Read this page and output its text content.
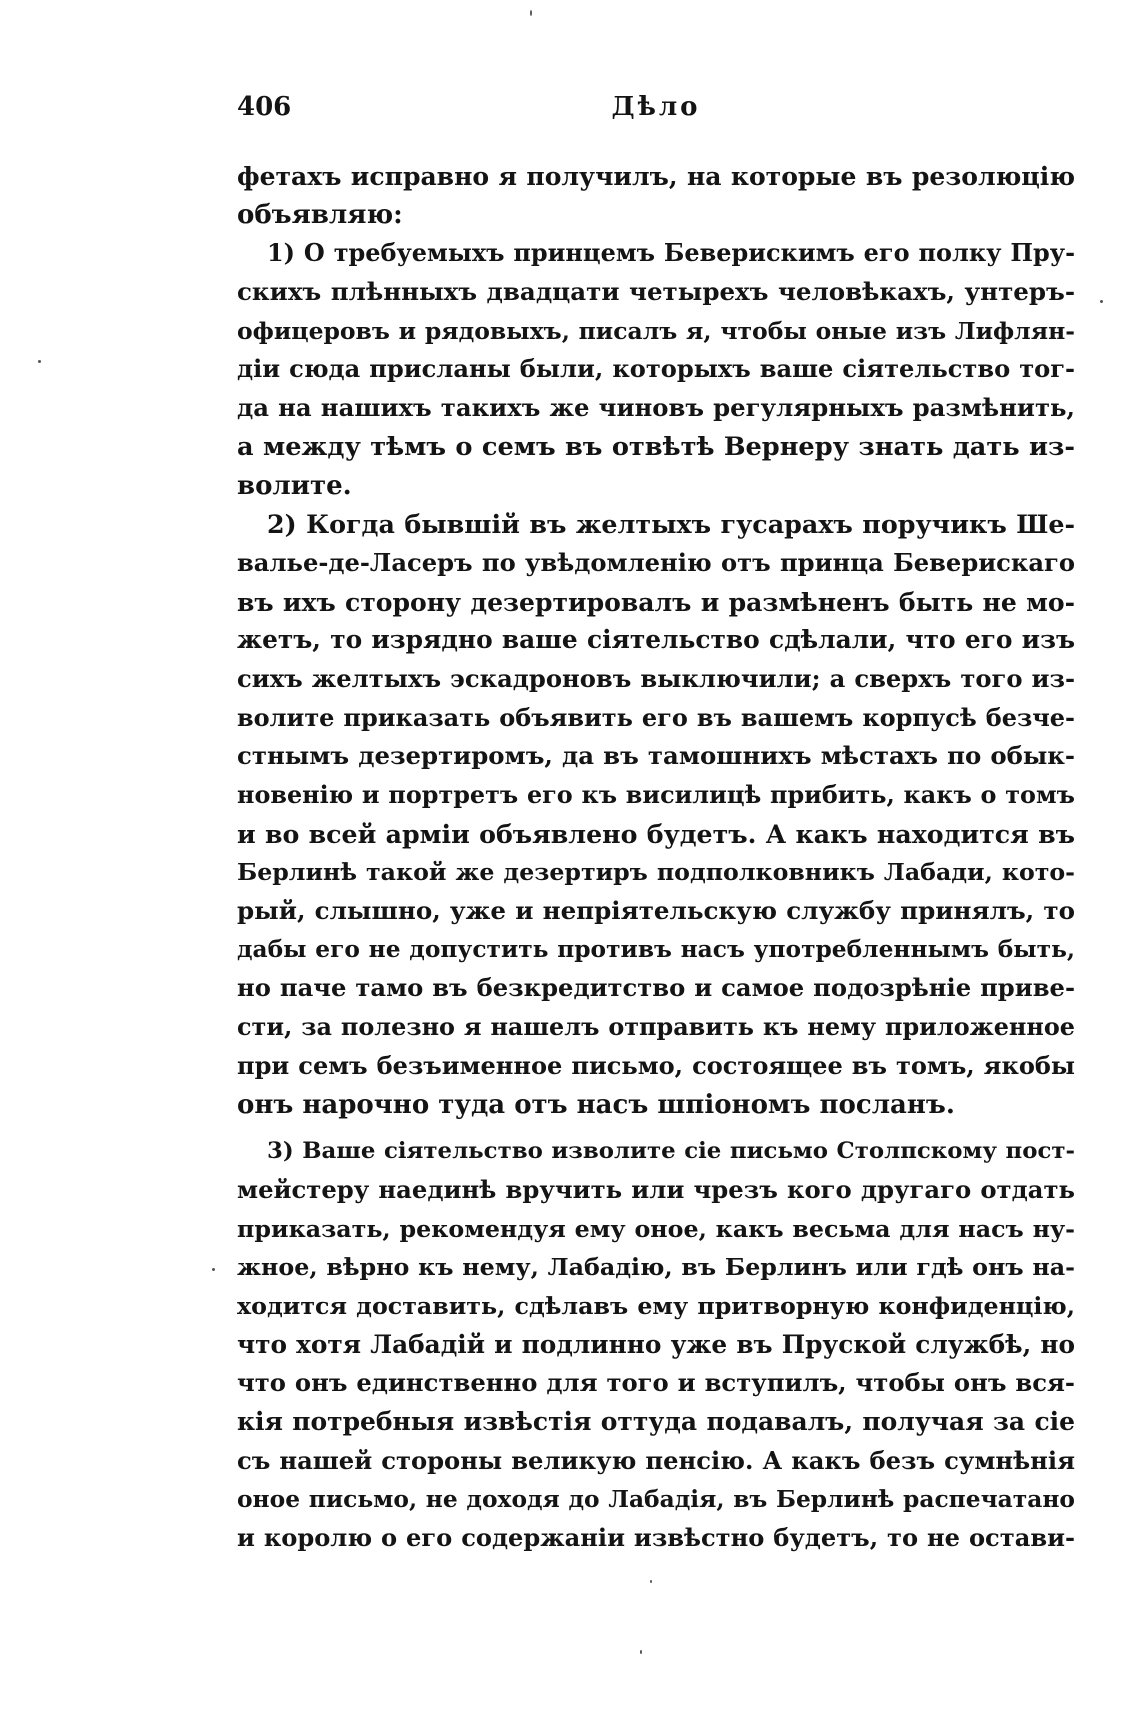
406	Дѣло
фетахъ исправно я получилъ, на которые въ резолюцію
объявляю:
1) О требуемыхъ принцемъ Беверискимъ его полку Пру-
скихъ плѣнныхъ двадцати четырехъ человѣкахъ, унтеръ-
офицеровъ и рядовыхъ, писалъ я, чтобы оные изъ Лифлян-
діи сюда присланы были, которыхъ ваше сіятельство тог-
да на нашихъ такихъ же чиновъ регулярныхъ размѣнить,
а между тѣмъ о семъ въ отвѣтѣ Вернеру знать дать из-
волите.
2) Когда бывшій въ желтыхъ гусарахъ поручикъ Ше-
валье-де-Ласеръ по увѣдомленію отъ принца Беверискаго
въ ихъ сторону дезертировалъ и размѣненъ быть не мо-
жетъ, то изрядно ваше сіятельство сдѣлали, что его изъ
сихъ желтыхъ эскадроновъ выключили; а сверхъ того из-
волите приказать объявить его въ вашемъ корпусѣ безче-
стнымъ дезертиромъ, да въ тамошнихъ мѣстахъ по обык-
новенію и портретъ его къ висилицѣ прибить, какъ о томъ
и во всей арміи объявлено будетъ. А какъ находится въ
Берлинѣ такой же дезертиръ подполковникъ Лабади, кото-
рый, слышно, уже и непріятельскую службу принялъ, то
дабы его не допустить противъ насъ употребленнымъ быть,
но паче тамо въ безкредитство и самое подозрѣніе приве-
сти, за полезно я нашелъ отправить къ нему приложенное
при семъ безъименное письмо, состоящее въ томъ, якобы
онъ нарочно туда отъ насъ шпіономъ посланъ.
3) Ваше сіятельство изволите сіе письмо Столпскому пост-
мейстеру наединѣ вручить или чрезъ кого другаго отдать
приказать, рекомендуя ему оное, какъ весьма для насъ ну-
жное, вѣрно къ нему, Лабадію, въ Берлинъ или гдѣ онъ на-
ходится доставить, сдѣлавъ ему притворную конфиденцію,
что хотя Лабадій и подлинно уже въ Пруской службѣ, но
что онъ единственно для того и вступилъ, чтобы онъ вся-
кія потребныя извѣстія оттуда подавалъ, получая за сіе
съ нашей стороны великую пенсію. А какъ безъ сумнѣнія
оное письмо, не доходя до Лабадія, въ Берлинѣ распечатано
и королю о его содержаніи извѣстно будетъ, то не остави-
